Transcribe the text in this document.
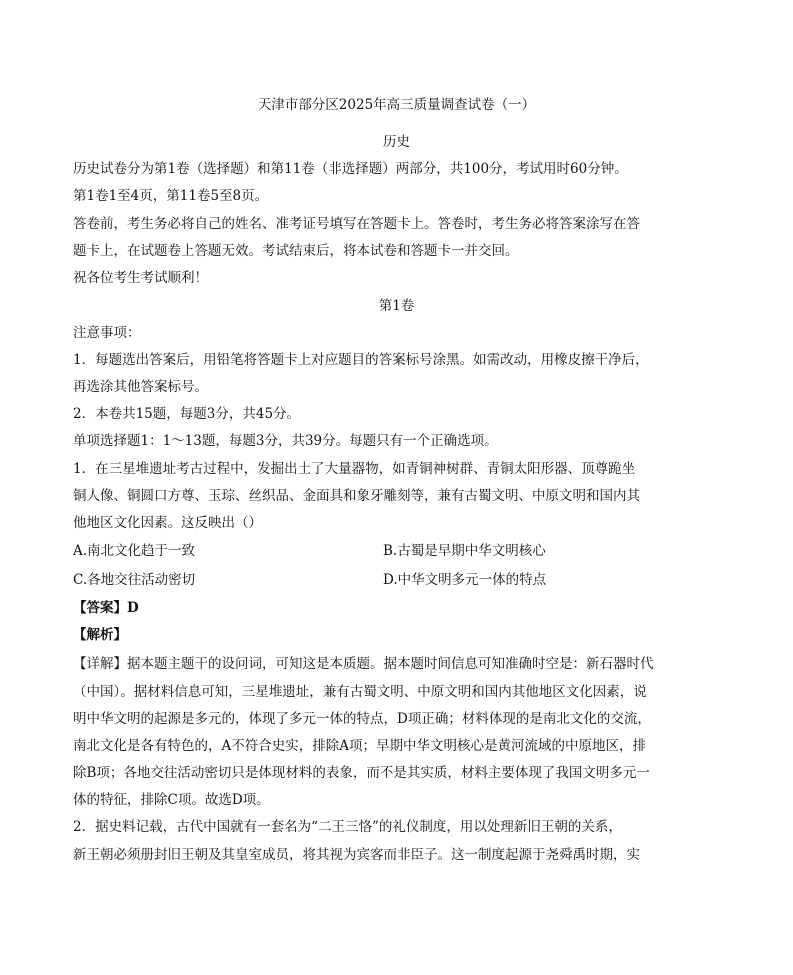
天津市部分区2025年高三质量调查试卷（一）
历史
历史试卷分为第1卷（选择题）和第11卷（非选择题）两部分，共100分，考试用时60分钟。
第1卷1至4页，第11卷5至8页。
答卷前，考生务必将自己的姓名、准考证号填写在答题卡上。答卷时，考生务必将答案涂写在答
题卡上，在试题卷上答题无效。考试结束后，将本试卷和答题卡一并交回。
祝各位考生考试顺利！
第1卷
注意事项：
1．每题选出答案后，用铅笔将答题卡上对应题目的答案标号涂黑。如需改动，用橡皮擦干净后，
再选涂其他答案标号。
2．本卷共15题，每题3分，共45分。
单项选择题1：1～13题，每题3分，共39分。每题只有一个正确选项。
1．在三星堆遗址考古过程中，发掘出土了大量器物，如青铜神树群、青铜太阳形器、顶尊跪坐
铜人像、铜圆口方尊、玉琮、丝织品、金面具和象牙雕刻等，兼有古蜀文明、中原文明和国内其
他地区文化因素。这反映出（）
A.南北文化趋于一致	B.古蜀是早期中华文明核心
C.各地交往活动密切	D.中华文明多元一体的特点
【答案】D
【解析】
【详解】据本题主题干的设问词，可知这是本质题。据本题时间信息可知准确时空是：新石器时代
（中国）。据材料信息可知，三星堆遗址，兼有古蜀文明、中原文明和国内其他地区文化因素，说
明中华文明的起源是多元的，体现了多元一体的特点，D项正确；材料体现的是南北文化的交流，
南北文化是各有特色的，A不符合史实，排除A项；早期中华文明核心是黄河流域的中原地区，排
除B项；各地交往活动密切只是体现材料的表象，而不是其实质，材料主要体现了我国文明多元一
体的特征，排除C项。故选D项。
2．据史料记载，古代中国就有一套名为“二王三恪”的礼仪制度，用以处理新旧王朝的关系，
新王朝必须册封旧王朝及其皇室成员，将其视为宾客而非臣子。这一制度起源于尧舜禹时期，实
